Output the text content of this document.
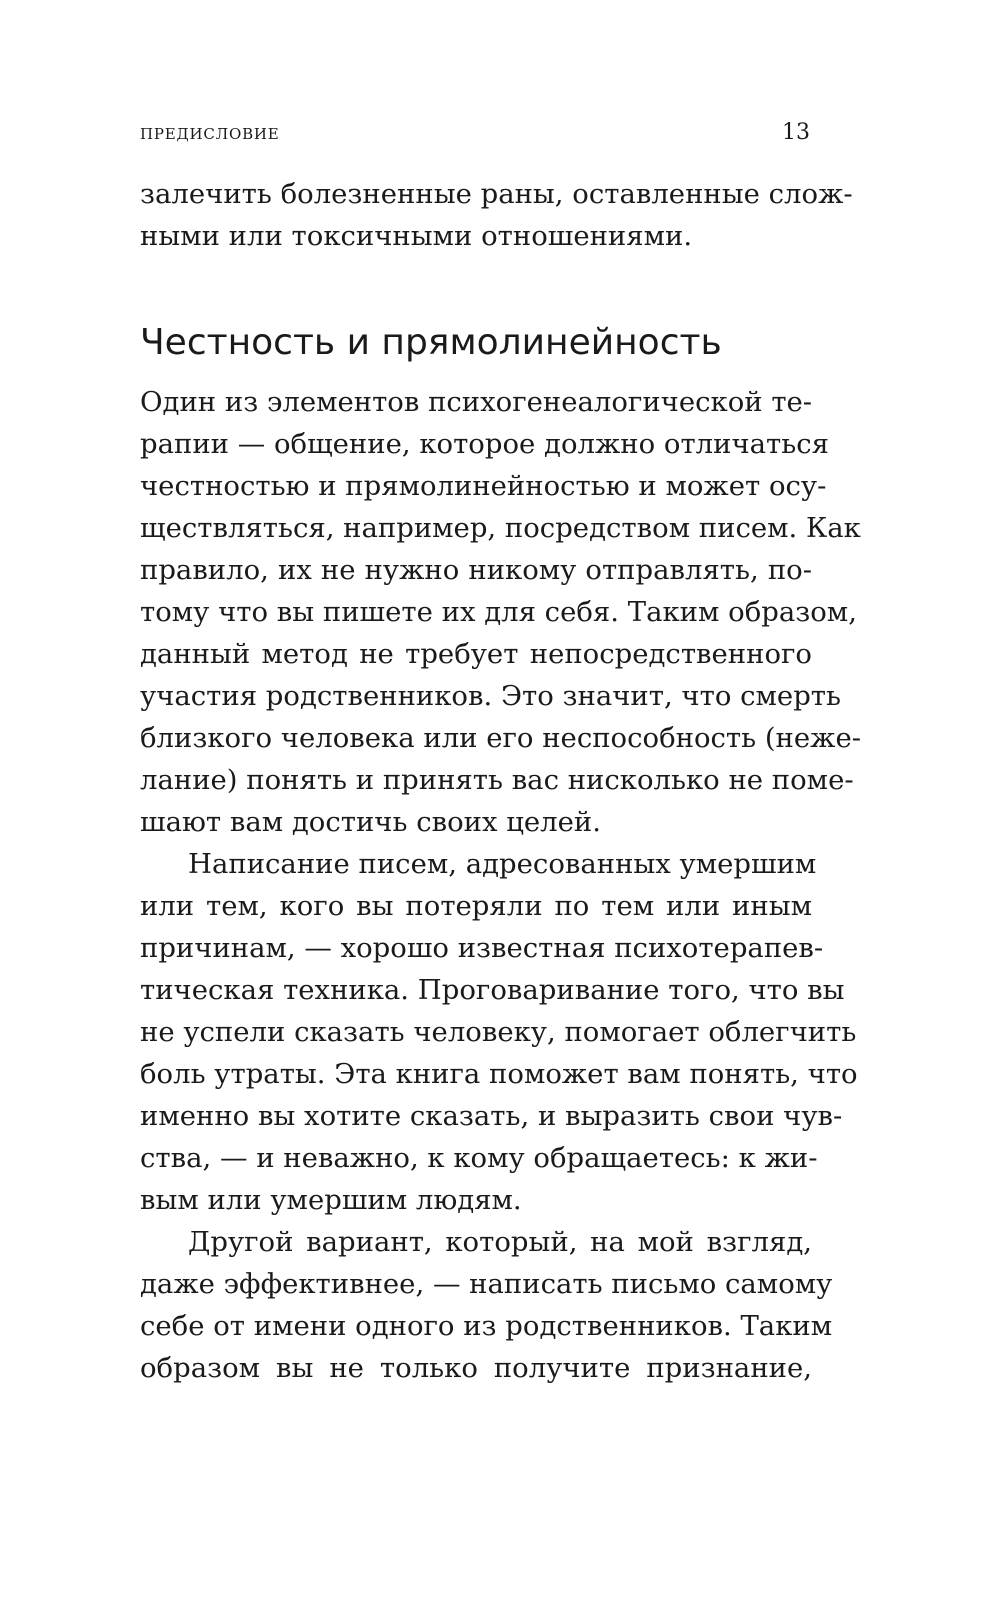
ПРЕДИСЛОВИЕ	13
залечить болезненные раны, оставленные слож-
ными или токсичными отношениями.
Честность и прямолинейность
Один из элементов психогенеалогической те-
рапии — общение, которое должно отличаться
честностью и прямолинейностью и может осу-
ществляться, например, посредством писем. Как
правило, их не нужно никому отправлять, по-
тому что вы пишете их для себя. Таким образом,
данный метод не требует непосредственного
участия родственников. Это значит, что смерть
близкого человека или его неспособность (неже-
лание) понять и принять вас нисколько не поме-
шают вам достичь своих целей.
Написание писем, адресованных умершим
или тем, кого вы потеряли по тем или иным
причинам, — хорошо известная психотерапев-
тическая техника. Проговаривание того, что вы
не успели сказать человеку, помогает облегчить
боль утраты. Эта книга поможет вам понять, что
именно вы хотите сказать, и выразить свои чув-
ства, — и неважно, к кому обращаетесь: к жи-
вым или умершим людям.
Другой вариант, который, на мой взгляд,
даже эффективнее, — написать письмо самому
себе от имени одного из родственников. Таким
образом вы не только получите признание,
